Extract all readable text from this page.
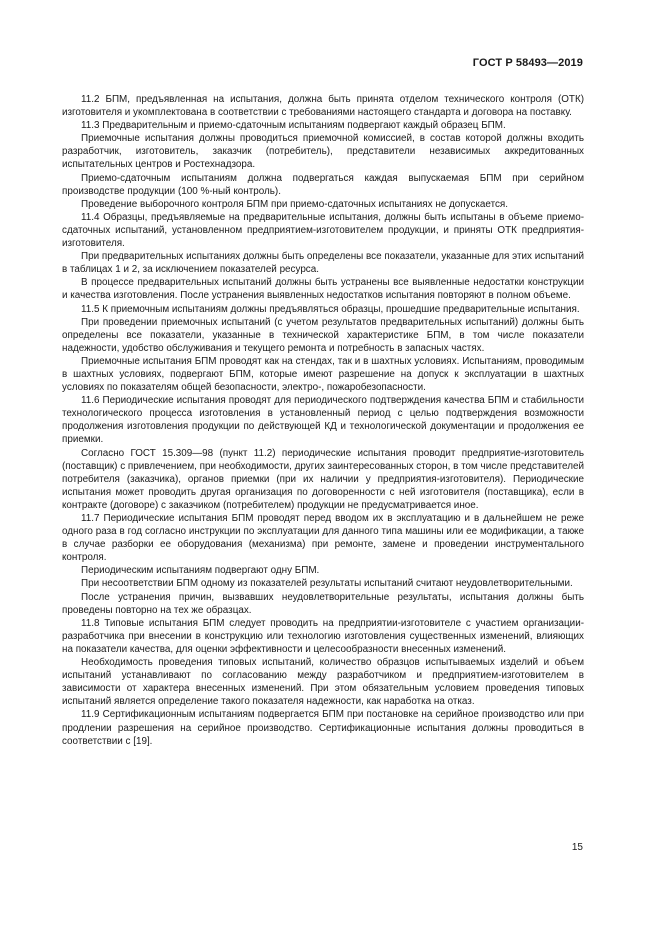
ГОСТ Р 58493—2019

11.2 БПМ, предъявленная на испытания, должна быть принята отделом технического контроля (ОТК) изготовителя и укомплектована в соответствии с требованиями настоящего стандарта и договора на поставку.

11.3 Предварительным и приемо-сдаточным испытаниям подвергают каждый образец БПМ.

Приемочные испытания должны проводиться приемочной комиссией, в состав которой должны входить разработчик, изготовитель, заказчик (потребитель), представители независимых аккредитованных испытательных центров и Ростехнадзора.

Приемо-сдаточным испытаниям должна подвергаться каждая выпускаемая БПМ при серийном производстве продукции (100 %-ный контроль).

Проведение выборочного контроля БПМ при приемо-сдаточных испытаниях не допускается.

11.4 Образцы, предъявляемые на предварительные испытания, должны быть испытаны в объеме приемо-сдаточных испытаний, установленном предприятием-изготовителем продукции, и приняты ОТК предприятия-изготовителя.

При предварительных испытаниях должны быть определены все показатели, указанные для этих испытаний в таблицах 1 и 2, за исключением показателей ресурса.

В процессе предварительных испытаний должны быть устранены все выявленные недостатки конструкции и качества изготовления. После устранения выявленных недостатков испытания повторяют в полном объеме.

11.5 К приемочным испытаниям должны предъявляться образцы, прошедшие предварительные испытания.

При проведении приемочных испытаний (с учетом результатов предварительных испытаний) должны быть определены все показатели, указанные в технической характеристике БПМ, в том числе показатели надежности, удобство обслуживания и текущего ремонта и потребность в запасных частях.

Приемочные испытания БПМ проводят как на стендах, так и в шахтных условиях. Испытаниям, проводимым в шахтных условиях, подвергают БПМ, которые имеют разрешение на допуск к эксплуатации в шахтных условиях по показателям общей безопасности, электро-, пожаробезопасности.

11.6 Периодические испытания проводят для периодического подтверждения качества БПМ и стабильности технологического процесса изготовления в установленный период с целью подтверждения возможности продолжения изготовления продукции по действующей КД и технологической документации и продолжения ее приемки.

Согласно ГОСТ 15.309—98 (пункт 11.2) периодические испытания проводит предприятие-изготовитель (поставщик) с привлечением, при необходимости, других заинтересованных сторон, в том числе представителей потребителя (заказчика), органов приемки (при их наличии у предприятия-изготовителя). Периодические испытания может проводить другая организация по договоренности с ней изготовителя (поставщика), если в контракте (договоре) с заказчиком (потребителем) продукции не предусматривается иное.

11.7 Периодические испытания БПМ проводят перед вводом их в эксплуатацию и в дальнейшем не реже одного раза в год согласно инструкции по эксплуатации для данного типа машины или ее модификации, а также в случае разборки ее оборудования (механизма) при ремонте, замене и проведении инструментального контроля.

Периодическим испытаниям подвергают одну БПМ.

При несоответствии БПМ одному из показателей результаты испытаний считают неудовлетворительными.

После устранения причин, вызвавших неудовлетворительные результаты, испытания должны быть проведены повторно на тех же образцах.

11.8 Типовые испытания БПМ следует проводить на предприятии-изготовителе с участием организации-разработчика при внесении в конструкцию или технологию изготовления существенных изменений, влияющих на показатели качества, для оценки эффективности и целесообразности внесенных изменений.

Необходимость проведения типовых испытаний, количество образцов испытываемых изделий и объем испытаний устанавливают по согласованию между разработчиком и предприятием-изготовителем в зависимости от характера внесенных изменений. При этом обязательным условием проведения типовых испытаний является определение такого показателя надежности, как наработка на отказ.

11.9 Сертификационным испытаниям подвергается БПМ при постановке на серийное производство или при продлении разрешения на серийное производство. Сертификационные испытания должны проводиться в соответствии с [19].

15
